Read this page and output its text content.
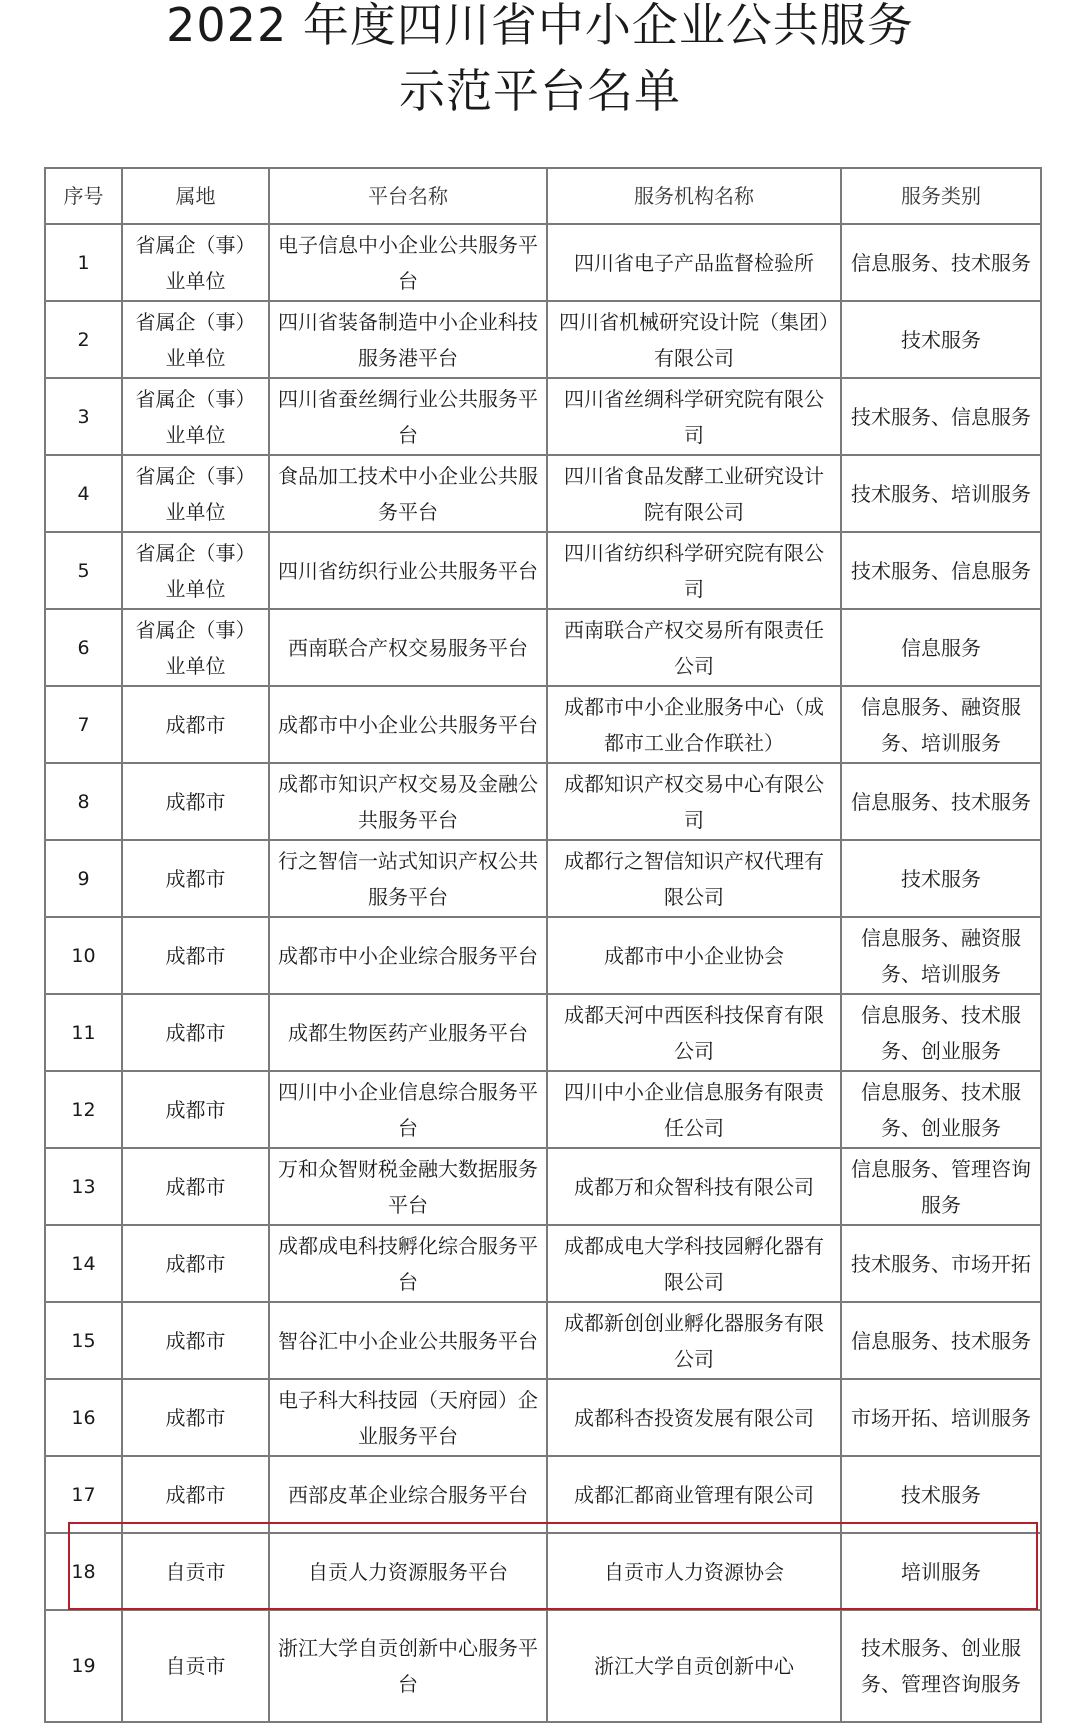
2022 年度四川省中小企业公共服务
示范平台名单
序号	属地	平台名称	服务机构名称	服务类别
1	省属企（事）业单位	电子信息中小企业公共服务平台	四川省电子产品监督检验所	信息服务、技术服务
2	省属企（事）业单位	四川省装备制造中小企业科技服务港平台	四川省机械研究设计院（集团）有限公司	技术服务
3	省属企（事）业单位	四川省蚕丝绸行业公共服务平台	四川省丝绸科学研究院有限公司	技术服务、信息服务
4	省属企（事）业单位	食品加工技术中小企业公共服务平台	四川省食品发酵工业研究设计院有限公司	技术服务、培训服务
5	省属企（事）业单位	四川省纺织行业公共服务平台	四川省纺织科学研究院有限公司	技术服务、信息服务
6	省属企（事）业单位	西南联合产权交易服务平台	西南联合产权交易所有限责任公司	信息服务
7	成都市	成都市中小企业公共服务平台	成都市中小企业服务中心（成都市工业合作联社）	信息服务、融资服务、培训服务
8	成都市	成都市知识产权交易及金融公共服务平台	成都知识产权交易中心有限公司	信息服务、技术服务
9	成都市	行之智信一站式知识产权公共服务平台	成都行之智信知识产权代理有限公司	技术服务
10	成都市	成都市中小企业综合服务平台	成都市中小企业协会	信息服务、融资服务、培训服务
11	成都市	成都生物医药产业服务平台	成都天河中西医科技保育有限公司	信息服务、技术服务、创业服务
12	成都市	四川中小企业信息综合服务平台	四川中小企业信息服务有限责任公司	信息服务、技术服务、创业服务
13	成都市	万和众智财税金融大数据服务平台	成都万和众智科技有限公司	信息服务、管理咨询服务
14	成都市	成都成电科技孵化综合服务平台	成都成电大学科技园孵化器有限公司	技术服务、市场开拓
15	成都市	智谷汇中小企业公共服务平台	成都新创创业孵化器服务有限公司	信息服务、技术服务
16	成都市	电子科大科技园（天府园）企业服务平台	成都科杏投资发展有限公司	市场开拓、培训服务
17	成都市	西部皮革企业综合服务平台	成都汇都商业管理有限公司	技术服务
18	自贡市	自贡人力资源服务平台	自贡市人力资源协会	培训服务
19	自贡市	浙江大学自贡创新中心服务平台	浙江大学自贡创新中心	技术服务、创业服务、管理咨询服务
